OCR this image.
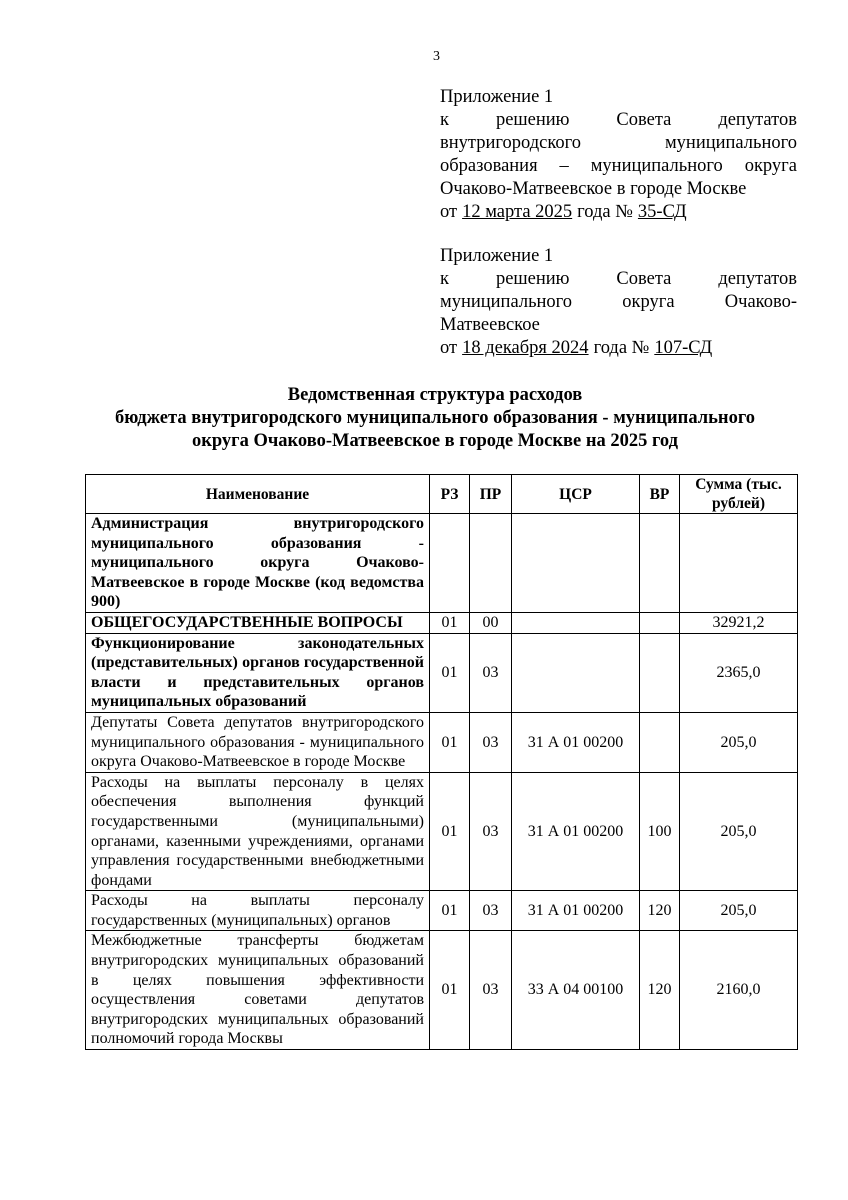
3
Приложение 1
к	решению	Совета	депутатов
внутригородского	муниципального
образования – муниципального округа
Очаково-Матвеевское в городе Москве
от 12 марта 2025 года № 35-СД
Приложение 1
к	решению	Совета	депутатов
муниципального	округа	Очаково-
Матвеевское
от 18 декабря 2024 года № 107-СД
Ведомственная структура расходов
бюджета внутригородского муниципального образования - муниципального
округа Очаково-Матвеевское в городе Москве на 2025 год
Наименование	РЗ	ПР	ЦСР	ВР	Сумма (тыс. рублей)
Администрация внутригородского муниципального образования - муниципального округа Очаково-Матвеевское в городе Москве (код ведомства 900)					
ОБЩЕГОСУДАРСТВЕННЫЕ ВОПРОСЫ	01	00			32921,2
Функционирование законодательных (представительных) органов государственной власти и представительных органов муниципальных образований	01	03			2365,0
Депутаты Совета депутатов внутригородского муниципального образования - муниципального округа Очаково-Матвеевское в городе Москве	01	03	31 А 01 00200		205,0
Расходы на выплаты персоналу в целях обеспечения выполнения функций государственными (муниципальными) органами, казенными учреждениями, органами управления государственными внебюджетными фондами	01	03	31 А 01 00200	100	205,0
Расходы на выплаты персоналу государственных (муниципальных) органов	01	03	31 А 01 00200	120	205,0
Межбюджетные трансферты бюджетам внутригородских муниципальных образований в целях повышения эффективности осуществления советами депутатов внутригородских муниципальных образований полномочий города Москвы	01	03	33 А 04 00100	120	2160,0
